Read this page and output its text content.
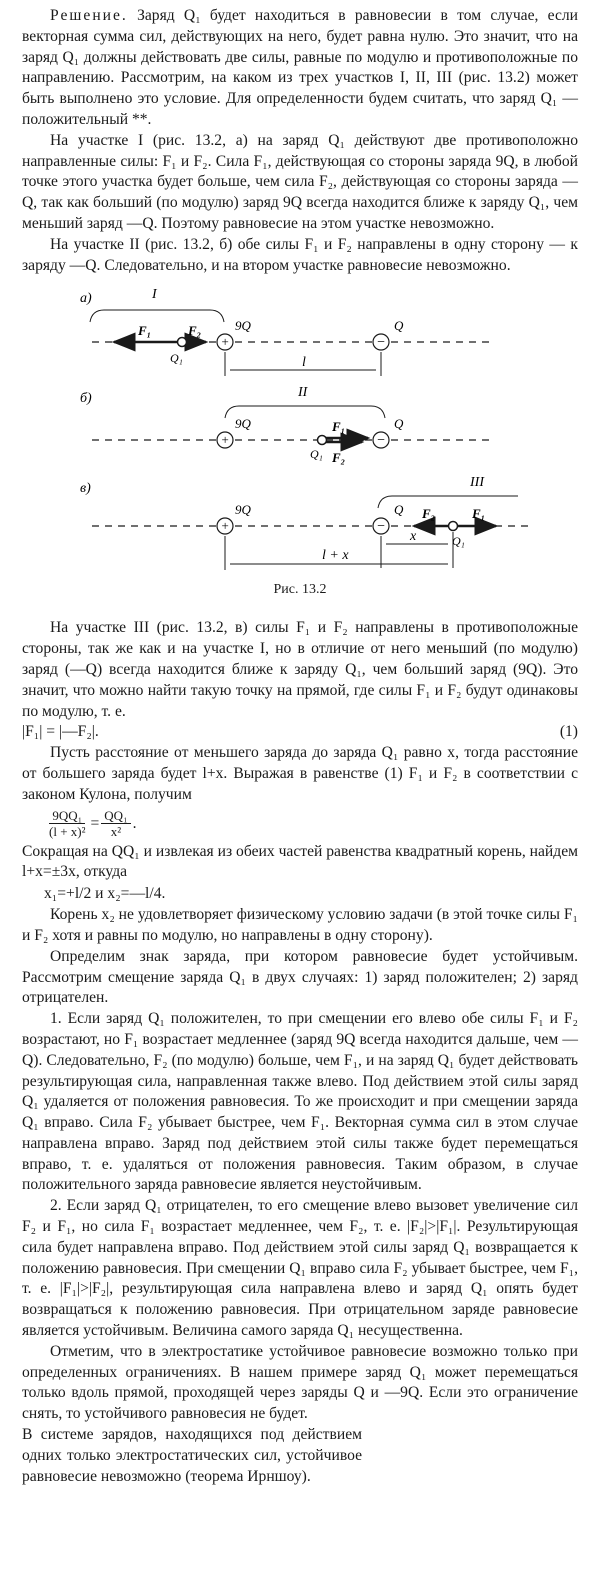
Решение. Заряд Q₁ будет находиться в равновесии в том случае, если векторная сумма сил, действующих на него, будет равна нулю. Это значит, что на заряд Q₁ должны действовать две силы, равные по модулю и противоположные по направлению. Рассмотрим, на каком из трех участков I, II, III (рис. 13.2) может быть выполнено это условие. Для определенности будем считать, что заряд Q₁ — положительный **.

На участке I (рис. 13.2, а) на заряд Q₁ действуют две противоположно направленные силы: F₁ и F₂. Сила F₁, действующая со стороны заряда 9Q, в любой точке этого участка будет больше, чем сила F₂, действующая со стороны заряда —Q, так как больший (по модулю) заряд 9Q всегда находится ближе к заряду Q₁, чем меньший заряд —Q. Поэтому равновесие на этом участке невозможно.

На участке II (рис. 13.2, б) обе силы F₁ и F₂ направлены в одну сторону — к заряду —Q. Следовательно, и на втором участке равновесие невозможно.

а)	I
F₁	F₂
Q₁
+
9Q
−
Q
l
б)	II
+
9Q	F₁
F₂
Q₁
−
Q
в)	III
+
9Q
−
Q F₂	F₁
Q₁
x
l + x
Рис. 13.2

На участке III (рис. 13.2, в) силы F₁ и F₂ направлены в противоположные стороны, так же как и на участке I, но в отличие от него меньший (по модулю) заряд (—Q) всегда находится ближе к заряду Q₁, чем больший заряд (9Q). Это значит, что можно найти такую точку на прямой, где силы F₁ и F₂ будут одинаковы по модулю, т. е.

|F₁| = |—F₂|.	(1)

Пусть расстояние от меньшего заряда до заряда Q₁ равно x, тогда расстояние от большего заряда будет l+x. Выражая в равенстве (1) F₁ и F₂ в соответствии с законом Кулона, получим

$\frac{\text{9QQ₁}}{\text{(l + x)²}} = \frac{\text{QQ₁}}{\text{x²}}$ .

Сокращая на QQ₁ и извлекая из обеих частей равенства квадратный корень, найдем l+x=±3x, откуда

x₁=+l/2 и x₂=—l/4.

Корень x₂ не удовлетворяет физическому условию задачи (в этой точке силы F₁ и F₂ хотя и равны по модулю, но направлены в одну сторону).

Определим знак заряда, при котором равновесие будет устойчивым. Рассмотрим смещение заряда Q₁ в двух случаях: 1) заряд положителен; 2) заряд отрицателен.

1. Если заряд Q₁ положителен, то при смещении его влево обе силы F₁ и F₂ возрастают, но F₁ возрастает медленнее (заряд 9Q всегда находится дальше, чем —Q). Следовательно, F₂ (по модулю) больше, чем F₁, и на заряд Q₁ будет действовать результирующая сила, направленная также влево. Под действием этой силы заряд Q₁ удаляется от положения равновесия. То же происходит и при смещении заряда Q₁ вправо. Сила F₂ убывает быстрее, чем F₁. Векторная сумма сил в этом случае направлена вправо. Заряд под действием этой силы также будет перемещаться вправо, т. е. удаляться от положения равновесия. Таким образом, в случае положительного заряда равновесие является неустойчивым.

2. Если заряд Q₁ отрицателен, то его смещение влево вызовет увеличение сил F₂ и F₁, но сила F₁ возрастает медленнее, чем F₂, т. е. |F₂|>|F₁|. Результирующая сила будет направлена вправо. Под действием этой силы заряд Q₁ возвращается к положению равновесия. При смещении Q₁ вправо сила F₂ убывает быстрее, чем F₁, т. е. |F₁|>|F₂|, результирующая сила направлена влево и заряд Q₁ опять будет возвращаться к положению равновесия. При отрицательном заряде равновесие является устойчивым. Величина самого заряда Q₁ несущественна.

Отметим, что в электростатике устойчивое равновесие возможно только при определенных ограничениях. В нашем примере заряд Q₁ может перемещаться только вдоль прямой, проходящей через заряды Q и —9Q. Если это ограничение снять, то устойчивого равновесия не будет.

В системе зарядов, находящихся под действием одних только электростатических сил, устойчивое равновесие невозможно (теорема Ирншоу).
